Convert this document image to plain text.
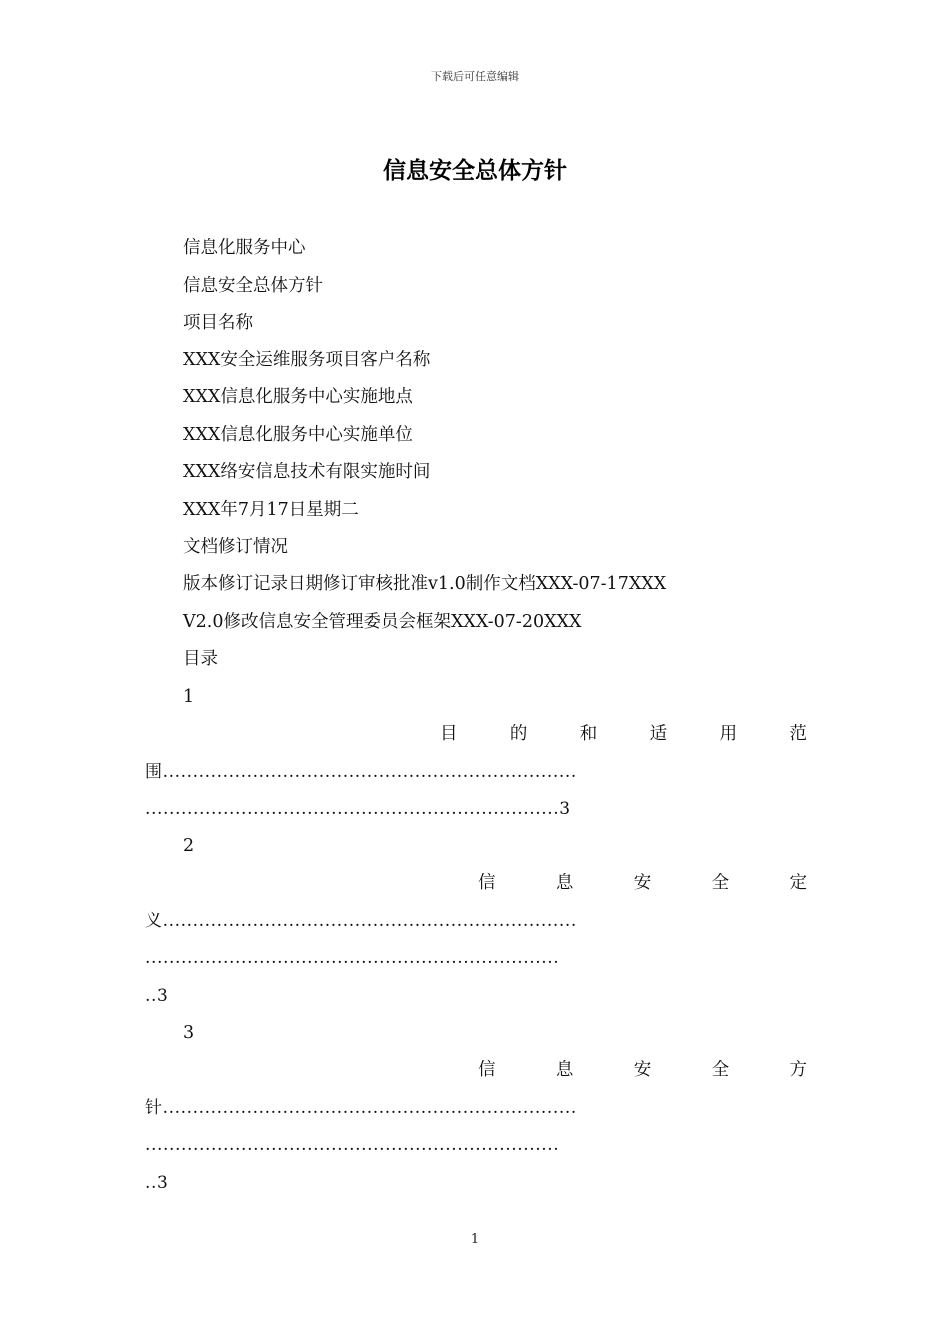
下载后可任意编辑
信息安全总体方针
信息化服务中心
信息安全总体方针
项目名称
XXX安全运维服务项目客户名称
XXX信息化服务中心实施地点
XXX信息化服务中心实施单位
XXX络安信息技术有限实施时间
XXX年7月17日星期二
文档修订情况
版本修订记录日期修订审核批准v1.0制作文档XXX-07-17XXX
V2.0修改信息安全管理委员会框架XXX-07-20XXX
目录
1
目	的	和	适	用	范
围.....................................................................
.....................................................................3
2
信	息	安	全	定
义.....................................................................
.....................................................................
..3
3
信	息	安	全	方
针.....................................................................
.....................................................................
..3
1
